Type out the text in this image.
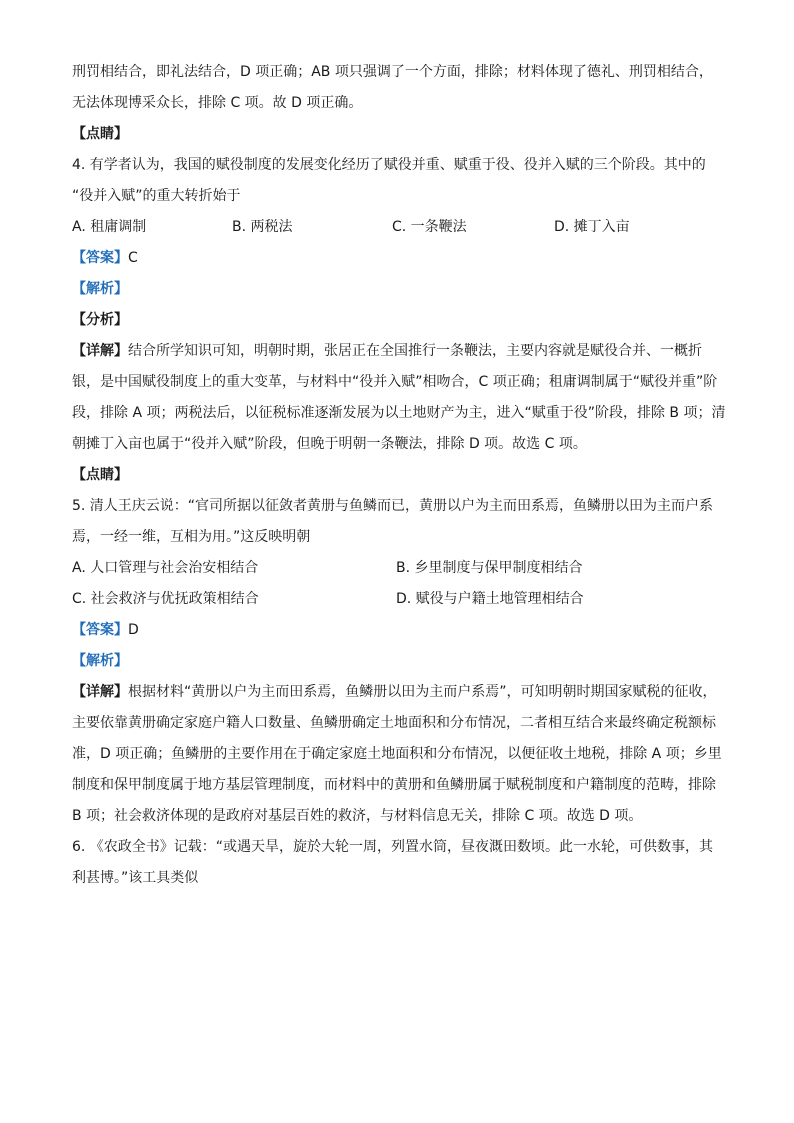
刑罚相结合，即礼法结合，D 项正确；AB 项只强调了一个方面，排除；材料体现了德礼、刑罚相结合，

无法体现博采众长，排除 C 项。故 D 项正确。

【点睛】

4. 有学者认为，我国的赋役制度的发展变化经历了赋役并重、赋重于役、役并入赋的三个阶段。其中的

“役并入赋”的重大转折始于

A. 租庸调制	B. 两税法	C. 一条鞭法	D. 摊丁入亩

【答案】C

【解析】

【分析】

【详解】结合所学知识可知，明朝时期，张居正在全国推行一条鞭法，主要内容就是赋役合并、一概折

银，是中国赋役制度上的重大变革，与材料中“役并入赋”相吻合，C 项正确；租庸调制属于“赋役并重”阶

段，排除 A 项；两税法后，以征税标准逐渐发展为以土地财产为主，进入“赋重于役”阶段，排除 B 项；清

朝摊丁入亩也属于“役并入赋”阶段，但晚于明朝一条鞭法，排除 D 项。故选 C 项。

【点睛】

5. 清人王庆云说：“官司所据以征敛者黄册与鱼鳞而已，黄册以户为主而田系焉，鱼鳞册以田为主而户系

焉，一经一维，互相为用。”这反映明朝

A. 人口管理与社会治安相结合	B. 乡里制度与保甲制度相结合
C. 社会救济与优抚政策相结合	D. 赋役与户籍土地管理相结合

【答案】D

【解析】

【详解】根据材料“黄册以户为主而田系焉，鱼鳞册以田为主而户系焉”，可知明朝时期国家赋税的征收，

主要依靠黄册确定家庭户籍人口数量、鱼鳞册确定土地面积和分布情况，二者相互结合来最终确定税额标

准，D 项正确；鱼鳞册的主要作用在于确定家庭土地面积和分布情况，以便征收土地税，排除 A 项；乡里

制度和保甲制度属于地方基层管理制度，而材料中的黄册和鱼鳞册属于赋税制度和户籍制度的范畴，排除

B 项；社会救济体现的是政府对基层百姓的救济，与材料信息无关，排除 C 项。故选 D 项。

6. 《农政全书》记载：“或遇天旱，旋於大轮一周，列置水筒，昼夜溉田数顷。此一水轮，可供数事，其

利甚博。”该工具类似
